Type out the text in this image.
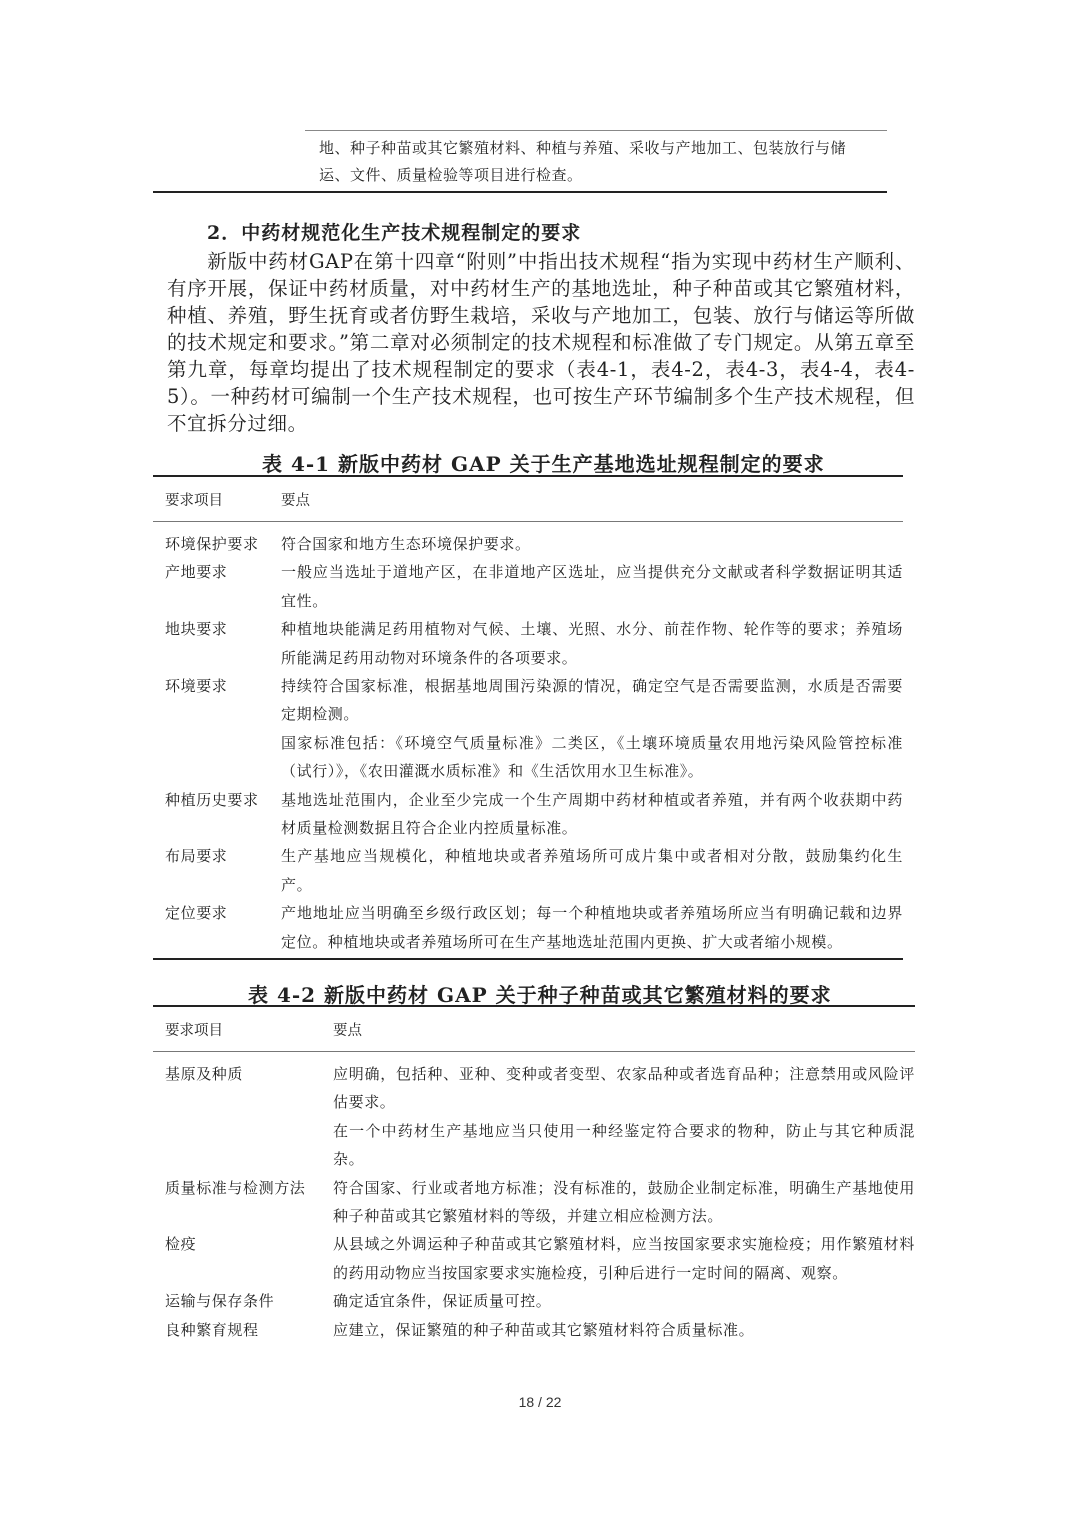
地、种子种苗或其它繁殖材料、种植与养殖、采收与产地加工、包装放行与储
运、文件、质量检验等项目进行检查。
2．中药材规范化生产技术规程制定的要求
新版中药材GAP在第十四章“附则”中指出技术规程“指为实现中药材生产顺利、有序开展，保证中药材质量，对中药材生产的基地选址，种子种苗或其它繁殖材料，种植、养殖，野生抚育或者仿野生栽培，采收与产地加工，包装、放行与储运等所做的技术规定和要求。”第二章对必须制定的技术规程和标准做了专门规定。从第五章至第九章，每章均提出了技术规程制定的要求（表4-1，表4-2，表4-3，表4-4，表4-5）。一种药材可编制一个生产技术规程，也可按生产环节编制多个生产技术规程，但不宜拆分过细。
表 4-1 新版中药材 GAP 关于生产基地选址规程制定的要求
要求项目	要点
环境保护要求	符合国家和地方生态环境保护要求。
产地要求	一般应当选址于道地产区，在非道地产区选址，应当提供充分文献或者科学数据证明其适宜性。
地块要求	种植地块能满足药用植物对气候、土壤、光照、水分、前茬作物、轮作等的要求；养殖场所能满足药用动物对环境条件的各项要求。
环境要求	持续符合国家标准，根据基地周围污染源的情况，确定空气是否需要监测，水质是否需要定期检测。
国家标准包括：《环境空气质量标准》二类区，《土壤环境质量农用地污染风险管控标准（试行）》，《农田灌溉水质标准》和《生活饮用水卫生标准》。
种植历史要求	基地选址范围内，企业至少完成一个生产周期中药材种植或者养殖，并有两个收获期中药材质量检测数据且符合企业内控质量标准。
布局要求	生产基地应当规模化，种植地块或者养殖场所可成片集中或者相对分散，鼓励集约化生产。
定位要求	产地地址应当明确至乡级行政区划；每一个种植地块或者养殖场所应当有明确记载和边界定位。种植地块或者养殖场所可在生产基地选址范围内更换、扩大或者缩小规模。
表 4-2 新版中药材 GAP 关于种子种苗或其它繁殖材料的要求
要求项目	要点
基原及种质	应明确，包括种、亚种、变种或者变型、农家品种或者选育品种；注意禁用或风险评估要求。
在一个中药材生产基地应当只使用一种经鉴定符合要求的物种，防止与其它种质混杂。
质量标准与检测方法	符合国家、行业或者地方标准；没有标准的，鼓励企业制定标准，明确生产基地使用种子种苗或其它繁殖材料的等级，并建立相应检测方法。
检疫	从县域之外调运种子种苗或其它繁殖材料，应当按国家要求实施检疫；用作繁殖材料的药用动物应当按国家要求实施检疫，引种后进行一定时间的隔离、观察。
运输与保存条件	确定适宜条件，保证质量可控。
良种繁育规程	应建立，保证繁殖的种子种苗或其它繁殖材料符合质量标准。
18 / 22
